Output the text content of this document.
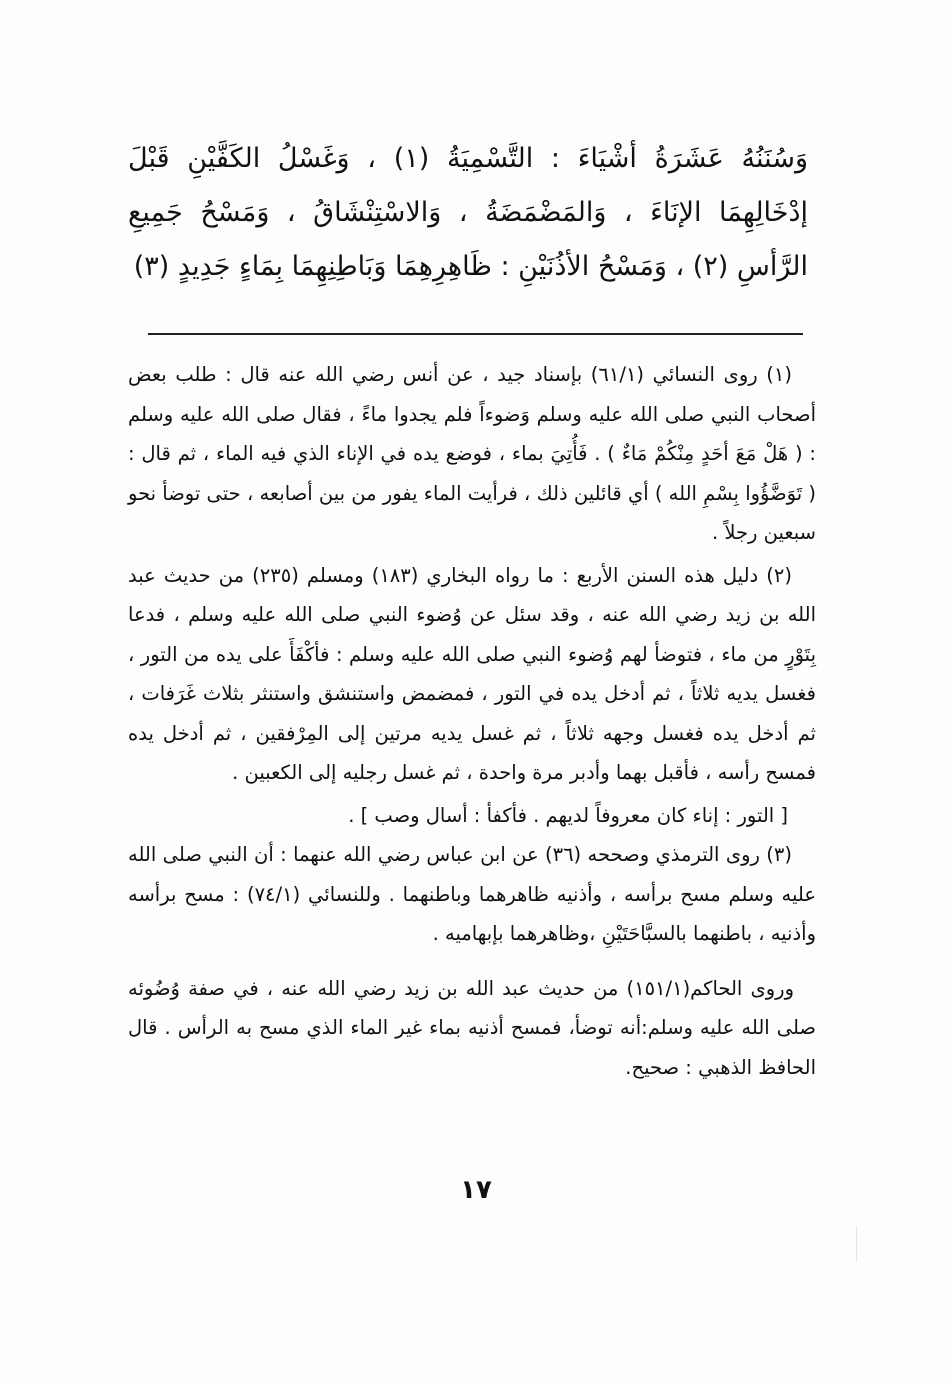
وَسُنَنُهُ عَشَرَةُ أشْيَاءَ : التَّسْمِيَةُ (١) ، وَغَسْلُ الكَفَّيْنِ قَبْلَ إدْخَالِهِمَا الإنَاءَ ، وَالمَضْمَضَةُ ، وَالاسْتِنْشَاقُ ، وَمَسْحُ جَمِيعِ الرَّأسِ (٢) ، وَمَسْحُ الأذُنَيْنِ : ظَاهِرِهِمَا وَبَاطِنِهِمَا بِمَاءٍ جَدِيدٍ (٣)

(١) روى النسائي (٦١/١) بإسناد جيد ، عن أنس رضي الله عنه قال : طلب بعض أصحاب النبي صلى الله عليه وسلم وَضوءاً فلم يجدوا ماءً ، فقال صلى الله عليه وسلم : ( هَلْ مَعَ أحَدٍ مِنْكُمْ مَاءٌ ) . فَأُتِيَ بماء ، فوضع يده في الإناء الذي فيه الماء ، ثم قال : ( تَوَضَّؤُوا بِسْمِ الله ) أي قائلين ذلك ، فرأيت الماء يفور من بين أصابعه ، حتى توضأ نحو سبعين رجلاً .

(٢) دليل هذه السنن الأربع : ما رواه البخاري (١٨٣) ومسلم (٢٣٥) من حديث عبد الله بن زيد رضي الله عنه ، وقد سئل عن وُضوء النبي صلى الله عليه وسلم ، فدعا بِتَوْرٍ من ماء ، فتوضأ لهم وُضوء النبي صلى الله عليه وسلم : فأكْفَأَ على يده من التور ، فغسل يديه ثلاثاً ، ثم أدخل يده في التور ، فمضمض واستنشق واستنثر بثلاث غَرَفات ، ثم أدخل يده فغسل وجهه ثلاثاً ، ثم غسل يديه مرتين إلى المِرْفقين ، ثم أدخل يده فمسح رأسه ، فأقبل بهما وأدبر مرة واحدة ، ثم غسل رجليه إلى الكعبين .

[ التور : إناء كان معروفاً لديهم . فأكفأ : أسال وصب ] .

(٣) روى الترمذي وصححه (٣٦) عن ابن عباس رضي الله عنهما : أن النبي صلى الله عليه وسلم مسح برأسه ، وأذنيه ظاهرهما وباطنهما . وللنسائي (٧٤/١) : مسح برأسه وأذنيه ، باطنهما بالسبَّاحَتَيْنِ ،وظاهرهما بإبهاميه .

وروى الحاكم(١٥١/١) من حديث عبد الله بن زيد رضي الله عنه ، في صفة وُضُوئه صلى الله عليه وسلم:أنه توضأ، فمسح أذنيه بماء غير الماء الذي مسح به الرأس . قال الحافظ الذهبي : صحيح.

١٧
